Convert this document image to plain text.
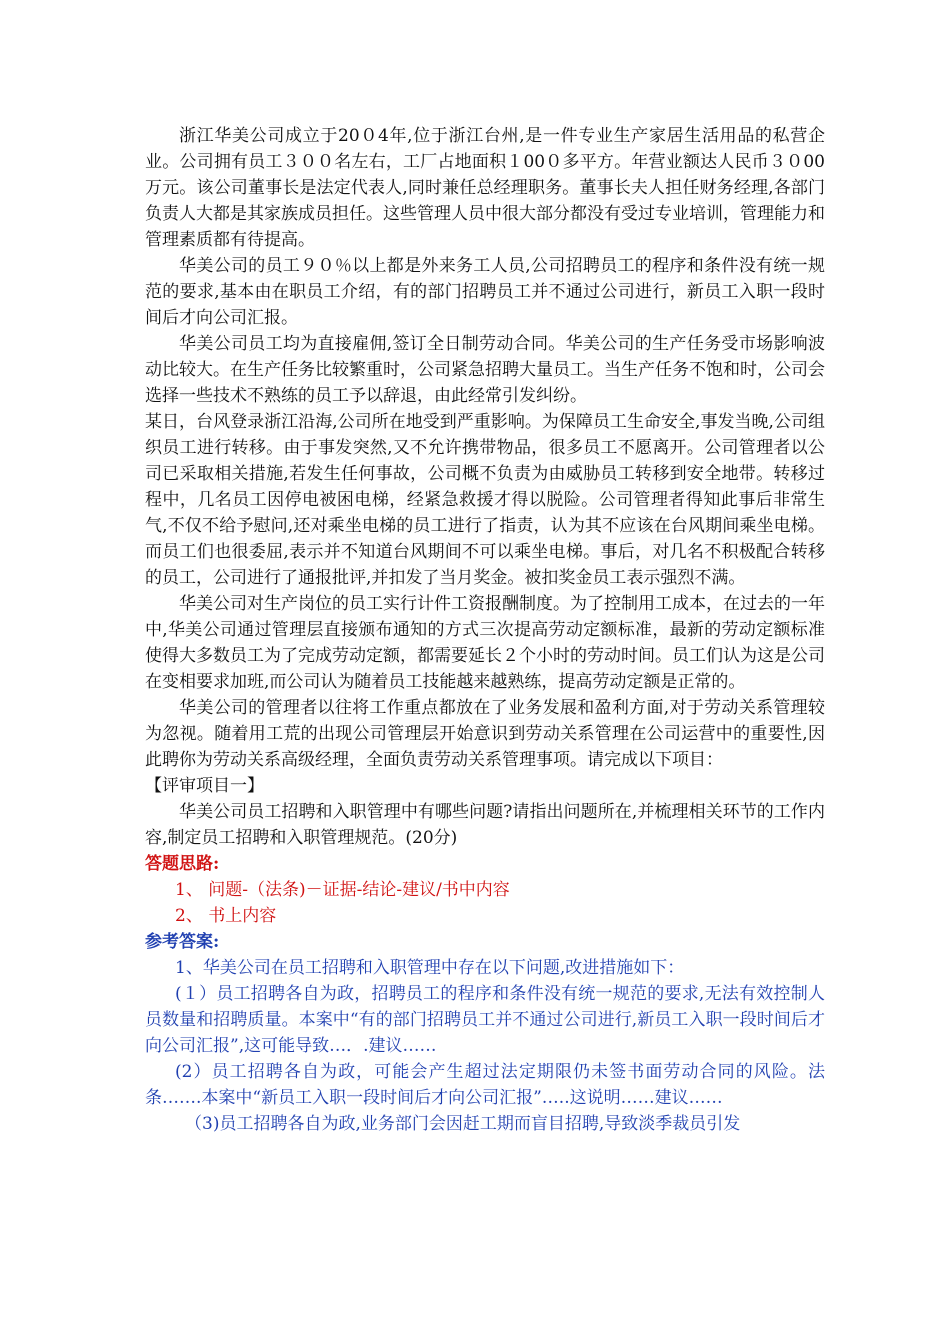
浙江华美公司成立于20０4年,位于浙江台州,是一件专业生产家居生活用品的私营企业。公司拥有员工３００名左右，工厂占地面积１00０多平方。年营业额达人民币３０00万元。该公司董事长是法定代表人,同时兼任总经理职务。董事长夫人担任财务经理,各部门负责人大都是其家族成员担任。这些管理人员中很大部分都没有受过专业培训，管理能力和管理素质都有待提高。

华美公司的员工９０％以上都是外来务工人员,公司招聘员工的程序和条件没有统一规范的要求,基本由在职员工介绍，有的部门招聘员工并不通过公司进行，新员工入职一段时间后才向公司汇报。

华美公司员工均为直接雇佣,签订全日制劳动合同。华美公司的生产任务受市场影响波动比较大。在生产任务比较繁重时，公司紧急招聘大量员工。当生产任务不饱和时，公司会选择一些技术不熟练的员工予以辞退，由此经常引发纠纷。

某日，台风登录浙江沿海,公司所在地受到严重影响。为保障员工生命安全,事发当晚,公司组织员工进行转移。由于事发突然,又不允许携带物品，很多员工不愿离开。公司管理者以公司已采取相关措施,若发生任何事故，公司概不负责为由威胁员工转移到安全地带。转移过程中，几名员工因停电被困电梯，经紧急救援才得以脱险。公司管理者得知此事后非常生气,不仅不给予慰问,还对乘坐电梯的员工进行了指责，认为其不应该在台风期间乘坐电梯。而员工们也很委屈,表示并不知道台风期间不可以乘坐电梯。事后，对几名不积极配合转移的员工，公司进行了通报批评,并扣发了当月奖金。被扣奖金员工表示强烈不满。

华美公司对生产岗位的员工实行计件工资报酬制度。为了控制用工成本，在过去的一年中,华美公司通过管理层直接颁布通知的方式三次提高劳动定额标准，最新的劳动定额标准使得大多数员工为了完成劳动定额，都需要延长２个小时的劳动时间。员工们认为这是公司在变相要求加班,而公司认为随着员工技能越来越熟练，提高劳动定额是正常的。

华美公司的管理者以往将工作重点都放在了业务发展和盈利方面,对于劳动关系管理较为忽视。随着用工荒的出现公司管理层开始意识到劳动关系管理在公司运营中的重要性,因此聘你为劳动关系高级经理，全面负责劳动关系管理事项。请完成以下项目：

【评审项目一】

华美公司员工招聘和入职管理中有哪些问题?请指出问题所在,并梳理相关环节的工作内容,制定员工招聘和入职管理规范。(20分)

答题思路:

1、 问题-（法条)－证据-结论-建议/书中内容

2、 书上内容

参考答案:

1、华美公司在员工招聘和入职管理中存在以下问题,改进措施如下：

(１）员工招聘各自为政，招聘员工的程序和条件没有统一规范的要求,无法有效控制人员数量和招聘质量。本案中“有的部门招聘员工并不通过公司进行,新员工入职一段时间后才向公司汇报”,这可能导致…．.建议……

(2）员工招聘各自为政，可能会产生超过法定期限仍未签书面劳动合同的风险。法条…….本案中“新员工入职一段时间后才向公司汇报”…..这说明……建议……

（3)员工招聘各自为政,业务部门会因赶工期而盲目招聘,导致淡季裁员引发
